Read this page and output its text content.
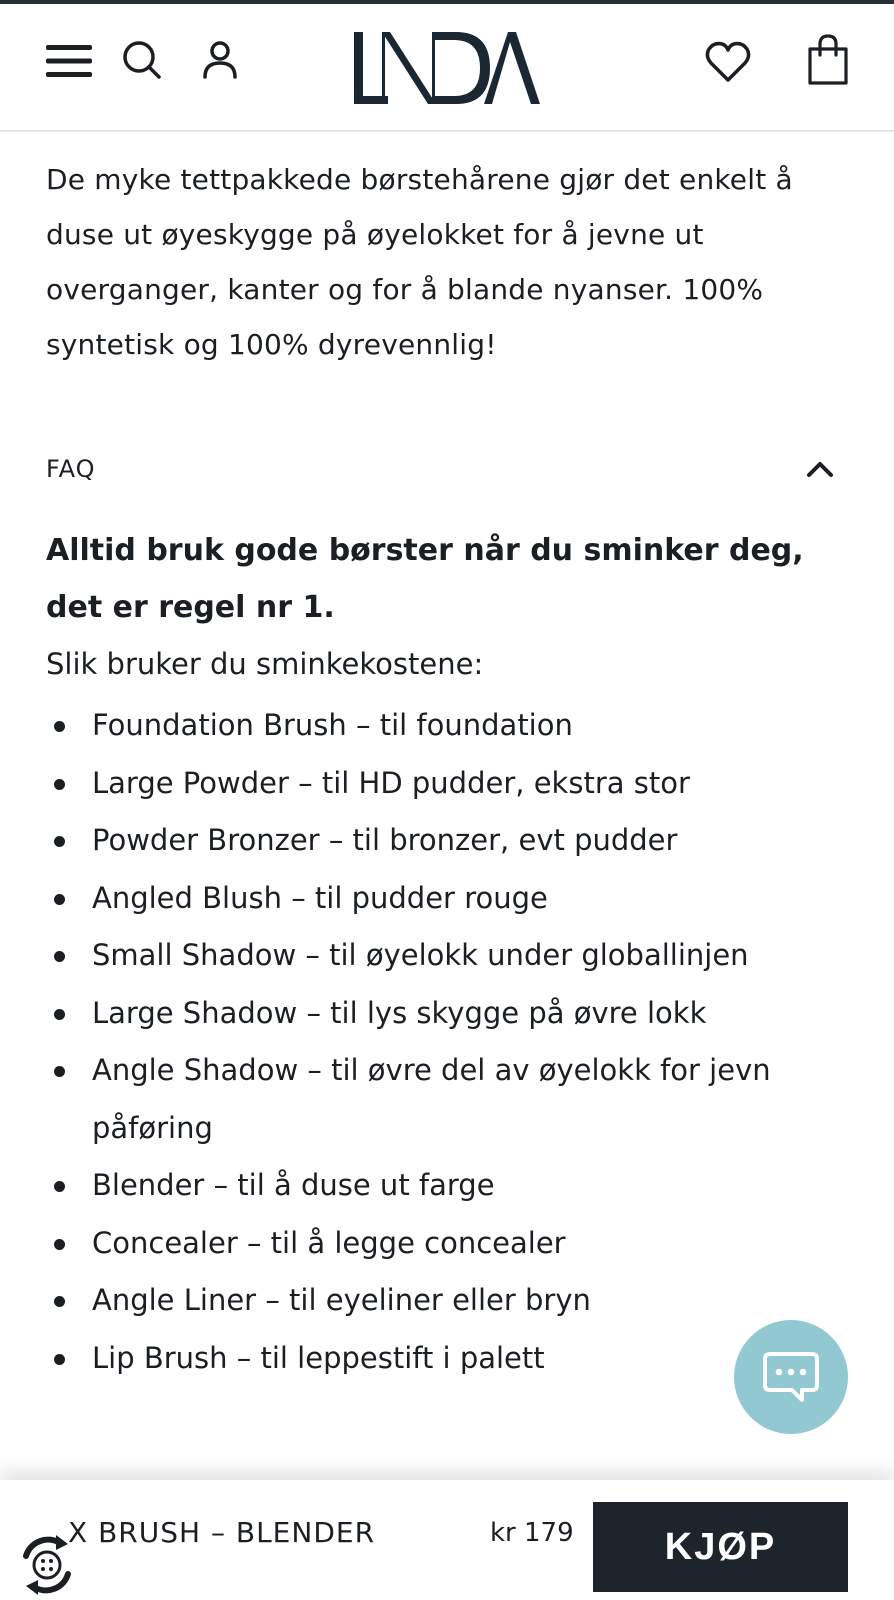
De myke tettpakkede børstehårene gjør det enkelt å duse ut øyeskygge på øyelokket for å jevne ut overganger, kanter og for å blande nyanser. 100% syntetisk og 100% dyrevennlig!

FAQ

Alltid bruk gode børster når du sminker deg, det er regel nr 1.

Slik bruker du sminkekostene:

Foundation Brush – til foundation
Large Powder – til HD pudder, ekstra stor
Powder Bronzer – til bronzer, evt pudder
Angled Blush – til pudder rouge
Small Shadow – til øyelokk under globallinjen
Large Shadow – til lys skygge på øvre lokk
Angle Shadow – til øvre del av øyelokk for jevn påføring
Blender – til å duse ut farge
Concealer – til å legge concealer
Angle Liner – til eyeliner eller bryn
Lip Brush – til leppestift i palett
X BRUSH – BLENDER	kr 179	KJØP
